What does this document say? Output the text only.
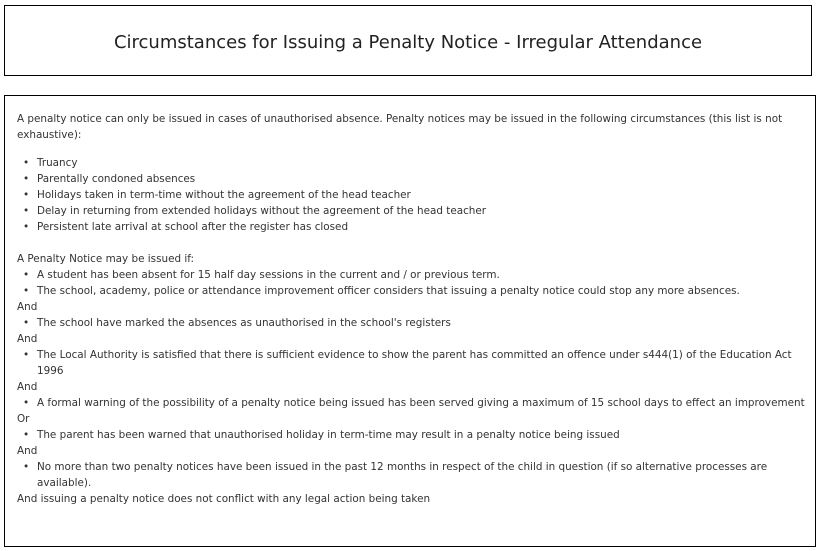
Circumstances for Issuing a Penalty Notice - Irregular Attendance

A penalty notice can only be issued in cases of unauthorised absence. Penalty notices may be issued in the following circumstances (this list is not exhaustive):

• Truancy
• Parentally condoned absences
• Holidays taken in term-time without the agreement of the head teacher
• Delay in returning from extended holidays without the agreement of the head teacher
• Persistent late arrival at school after the register has closed

A Penalty Notice may be issued if:

• A student has been absent for 15 half day sessions in the current and / or previous term.
• The school, academy, police or attendance improvement officer considers that issuing a penalty notice could stop any more absences.

And

• The school have marked the absences as unauthorised in the school's registers

And

• The Local Authority is satisfied that there is sufficient evidence to show the parent has committed an offence under s444(1) of the Education Act 1996

And

• A formal warning of the possibility of a penalty notice being issued has been served giving a maximum of 15 school days to effect an improvement

Or

• The parent has been warned that unauthorised holiday in term-time may result in a penalty notice being issued

And

• No more than two penalty notices have been issued in the past 12 months in respect of the child in question (if so alternative processes are available).

And issuing a penalty notice does not conflict with any legal action being taken
